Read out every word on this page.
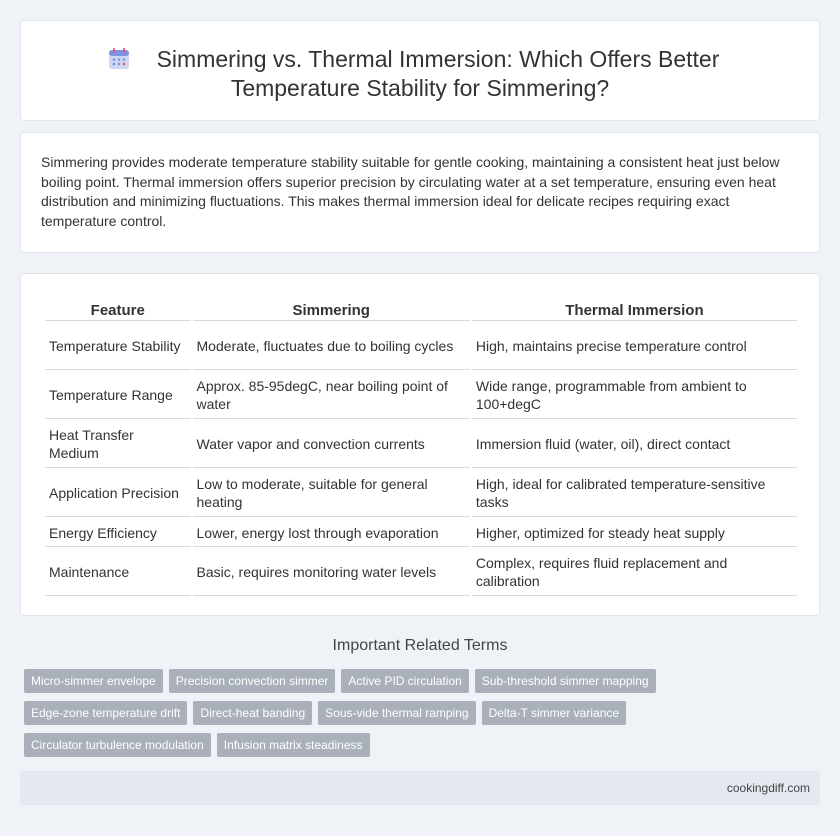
Simmering vs. Thermal Immersion: Which Offers Better
Temperature Stability for Simmering?

Simmering provides moderate temperature stability suitable for gentle cooking, maintaining a consistent heat just below boiling point. Thermal immersion offers superior precision by circulating water at a set temperature, ensuring even heat distribution and minimizing fluctuations. This makes thermal immersion ideal for delicate recipes requiring exact temperature control.

Feature	Simmering	Thermal Immersion
Temperature Stability	Moderate, fluctuates due to boiling cycles	High, maintains precise temperature control
Temperature Range	Approx. 85-95degC, near boiling point of water	Wide range, programmable from ambient to 100+degC
Heat Transfer Medium	Water vapor and convection currents	Immersion fluid (water, oil), direct contact
Application Precision	Low to moderate, suitable for general heating	High, ideal for calibrated temperature-sensitive tasks
Energy Efficiency	Lower, energy lost through evaporation	Higher, optimized for steady heat supply
Maintenance	Basic, requires monitoring water levels	Complex, requires fluid replacement and calibration
Important Related Terms
Micro-simmer envelope	Precision convection simmer	Active PID circulation	Sub-threshold simmer mapping
Edge-zone temperature drift	Direct-heat banding	Sous-vide thermal ramping	Delta-T simmer variance
Circulator turbulence modulation	Infusion matrix steadiness
cookingdiff.com
